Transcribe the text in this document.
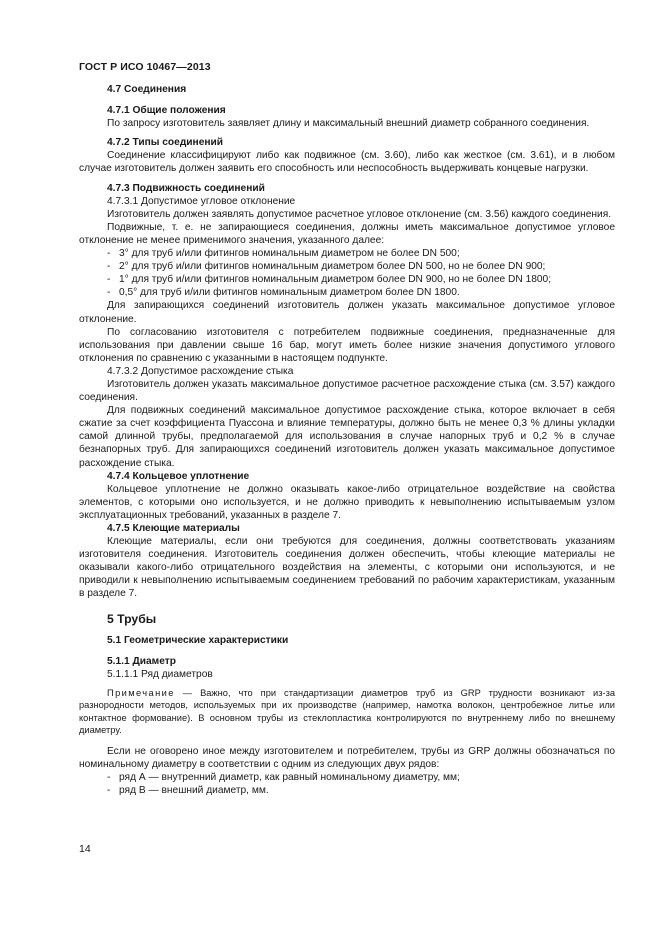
ГОСТ Р ИСО 10467—2013

4.7 Соединения

4.7.1 Общие положения

По запросу изготовитель заявляет длину и максимальный внешний диаметр собранного соединения.

4.7.2 Типы соединений

Соединение классифицируют либо как подвижное (см. 3.60), либо как жесткое (см. 3.61), и в любом случае изготовитель должен заявить его способность или неспособность выдерживать концевые нагрузки.

4.7.3 Подвижность соединений

4.7.3.1 Допустимое угловое отклонение

Изготовитель должен заявлять допустимое расчетное угловое отклонение (см. 3.56) каждого соединения.

Подвижные, т. е. не запирающиеся соединения, должны иметь максимальное допустимое угловое отклонение не менее применимого значения, указанного далее:

- 3° для труб и/или фитингов номинальным диаметром не более DN 500;
- 2° для труб и/или фитингов номинальным диаметром более DN 500, но не более DN 900;
- 1° для труб и/или фитингов номинальным диаметром более DN 900, но не более DN 1800;
- 0,5° для труб и/или фитингов номинальным диаметром более DN 1800.

Для запирающихся соединений изготовитель должен указать максимальное допустимое угловое отклонение.

По согласованию изготовителя с потребителем подвижные соединения, предназначенные для использования при давлении свыше 16 бар, могут иметь более низкие значения допустимого углового отклонения по сравнению с указанными в настоящем подпункте.

4.7.3.2 Допустимое расхождение стыка

Изготовитель должен указать максимальное допустимое расчетное расхождение стыка (см. 3.57) каждого соединения.

Для подвижных соединений максимальное допустимое расхождение стыка, которое включает в себя сжатие за счет коэффициента Пуассона и влияние температуры, должно быть не менее 0,3 % длины укладки самой длинной трубы, предполагаемой для использования в случае напорных труб и 0,2 % в случае безнапорных труб. Для запирающихся соединений изготовитель должен указать максимальное допустимое расхождение стыка.

4.7.4 Кольцевое уплотнение

Кольцевое уплотнение не должно оказывать какое-либо отрицательное воздействие на свойства элементов, с которыми оно используется, и не должно приводить к невыполнению испытываемым узлом эксплуатационных требований, указанных в разделе 7.

4.7.5 Клеющие материалы

Клеющие материалы, если они требуются для соединения, должны соответствовать указаниям изготовителя соединения. Изготовитель соединения должен обеспечить, чтобы клеющие материалы не оказывали какого-либо отрицательного воздействия на элементы, с которыми они используются, и не приводили к невыполнению испытываемым соединением требований по рабочим характеристикам, указанным в разделе 7.

5 Трубы

5.1 Геометрические характеристики

5.1.1 Диаметр

5.1.1.1 Ряд диаметров

Примечание — Важно, что при стандартизации диаметров труб из GRP трудности возникают из-за разнородности методов, используемых при их производстве (например, намотка волокон, центробежное литье или контактное формование). В основном трубы из стеклопластика контролируются по внутреннему либо по внешнему диаметру.

Если не оговорено иное между изготовителем и потребителем, трубы из GRP должны обозначаться по номинальному диаметру в соответствии с одним из следующих двух рядов:

- ряд А — внутренний диаметр, как равный номинальному диаметру, мм;
- ряд В — внешний диаметр, мм.
14
